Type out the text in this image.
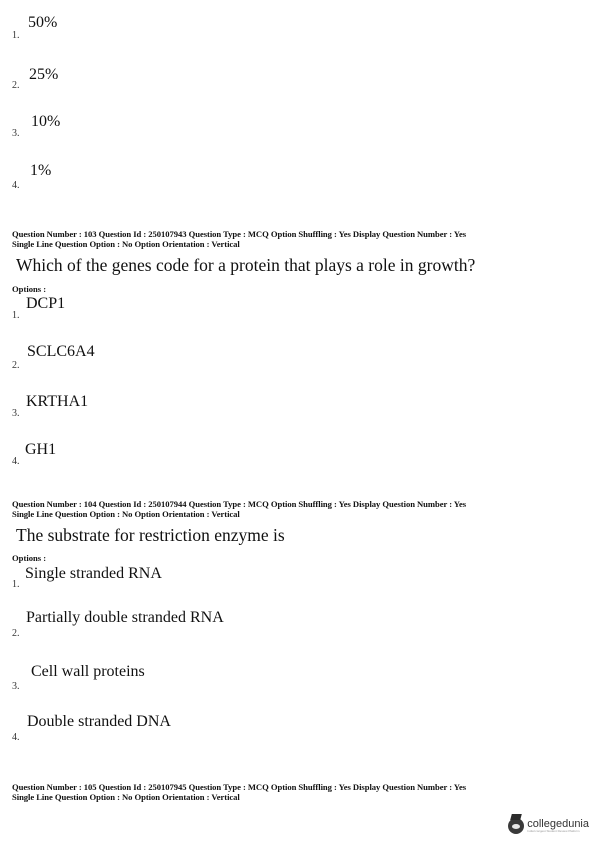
50%
1.
25%
2.
10%
3.
1%
4.
Question Number : 103 Question Id : 250107943 Question Type : MCQ Option Shuffling : Yes Display Question Number : Yes
Single Line Question Option : No Option Orientation : Vertical
Which of the genes code for a protein that plays a role in growth?
Options :
DCP1
1.
SCLC6A4
2.
KRTHA1
3.
GH1
4.
Question Number : 104 Question Id : 250107944 Question Type : MCQ Option Shuffling : Yes Display Question Number : Yes
Single Line Question Option : No Option Orientation : Vertical
The substrate for restriction enzyme is
Options :
Single stranded RNA
1.
Partially double stranded RNA
2.
Cell wall proteins
3.
Double stranded DNA
4.
Question Number : 105 Question Id : 250107945 Question Type : MCQ Option Shuffling : Yes Display Question Number : Yes
Single Line Question Option : No Option Orientation : Vertical
collegedunia
India's largest Student Review Platform
